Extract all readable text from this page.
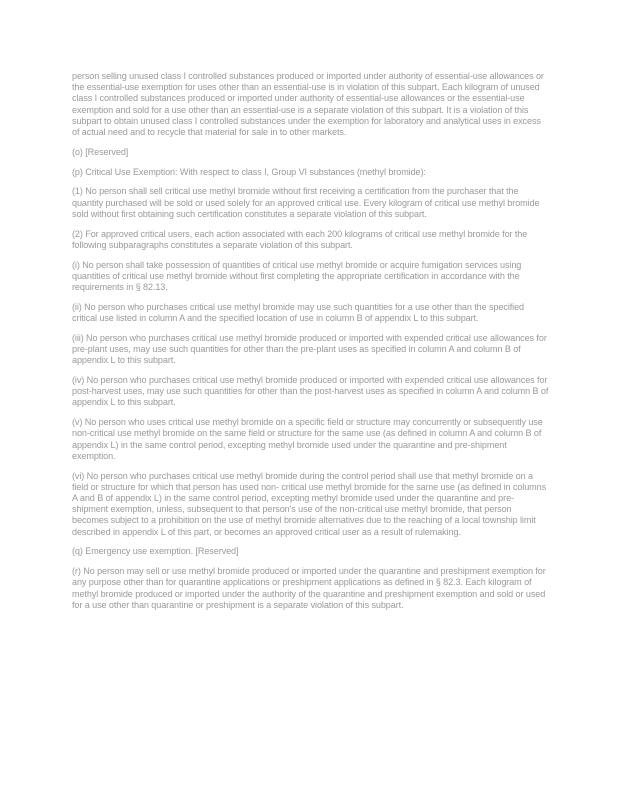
person selling unused class I controlled substances produced or imported under authority of essential-use allowances or the essential-use exemption for uses other than an essential-use is in violation of this subpart. Each kilogram of unused class I controlled substances produced or imported under authority of essential-use allowances or the essential-use exemption and sold for a use other than an essential-use is a separate violation of this subpart. It is a violation of this subpart to obtain unused class I controlled substances under the exemption for laboratory and analytical uses in excess of actual need and to recycle that material for sale in to other markets.

(o) [Reserved]

(p) Critical Use Exemption: With respect to class I, Group VI substances (methyl bromide):

(1) No person shall sell critical use methyl bromide without first receiving a certification from the purchaser that the quantity purchased will be sold or used solely for an approved critical use. Every kilogram of critical use methyl bromide sold without first obtaining such certification constitutes a separate violation of this subpart.

(2) For approved critical users, each action associated with each 200 kilograms of critical use methyl bromide for the following subparagraphs constitutes a separate violation of this subpart.

(i) No person shall take possession of quantities of critical use methyl bromide or acquire fumigation services using quantities of critical use methyl bromide without first completing the appropriate certification in accordance with the requirements in § 82.13.

(ii) No person who purchases critical use methyl bromide may use such quantities for a use other than the specified critical use listed in column A and the specified location of use in column B of appendix L to this subpart.

(iii) No person who purchases critical use methyl bromide produced or imported with expended critical use allowances for pre-plant uses, may use such quantities for other than the pre-plant uses as specified in column A and column B of appendix L to this subpart.

(iv) No person who purchases critical use methyl bromide produced or imported with expended critical use allowances for post-harvest uses, may use such quantities for other than the post-harvest uses as specified in column A and column B of appendix L to this subpart.

(v) No person who uses critical use methyl bromide on a specific field or structure may concurrently or subsequently use non-critical use methyl bromide on the same field or structure for the same use (as defined in column A and column B of appendix L) in the same control period, excepting methyl bromide used under the quarantine and pre-shipment exemption.

(vi) No person who purchases critical use methyl bromide during the control period shall use that methyl bromide on a field or structure for which that person has used non- critical use methyl bromide for the same use (as defined in columns A and B of appendix L) in the same control period, excepting methyl bromide used under the quarantine and pre- shipment exemption, unless, subsequent to that person's use of the non-critical use methyl bromide, that person becomes subject to a prohibition on the use of methyl bromide alternatives due to the reaching of a local township limit described in appendix L of this part, or becomes an approved critical user as a result of rulemaking.

(q) Emergency use exemption. [Reserved]

(r) No person may sell or use methyl bromide produced or imported under the quarantine and preshipment exemption for any purpose other than for quarantine applications or preshipment applications as defined in § 82.3. Each kilogram of methyl bromide produced or imported under the authority of the quarantine and preshipment exemption and sold or used for a use other than quarantine or preshipment is a separate violation of this subpart.
